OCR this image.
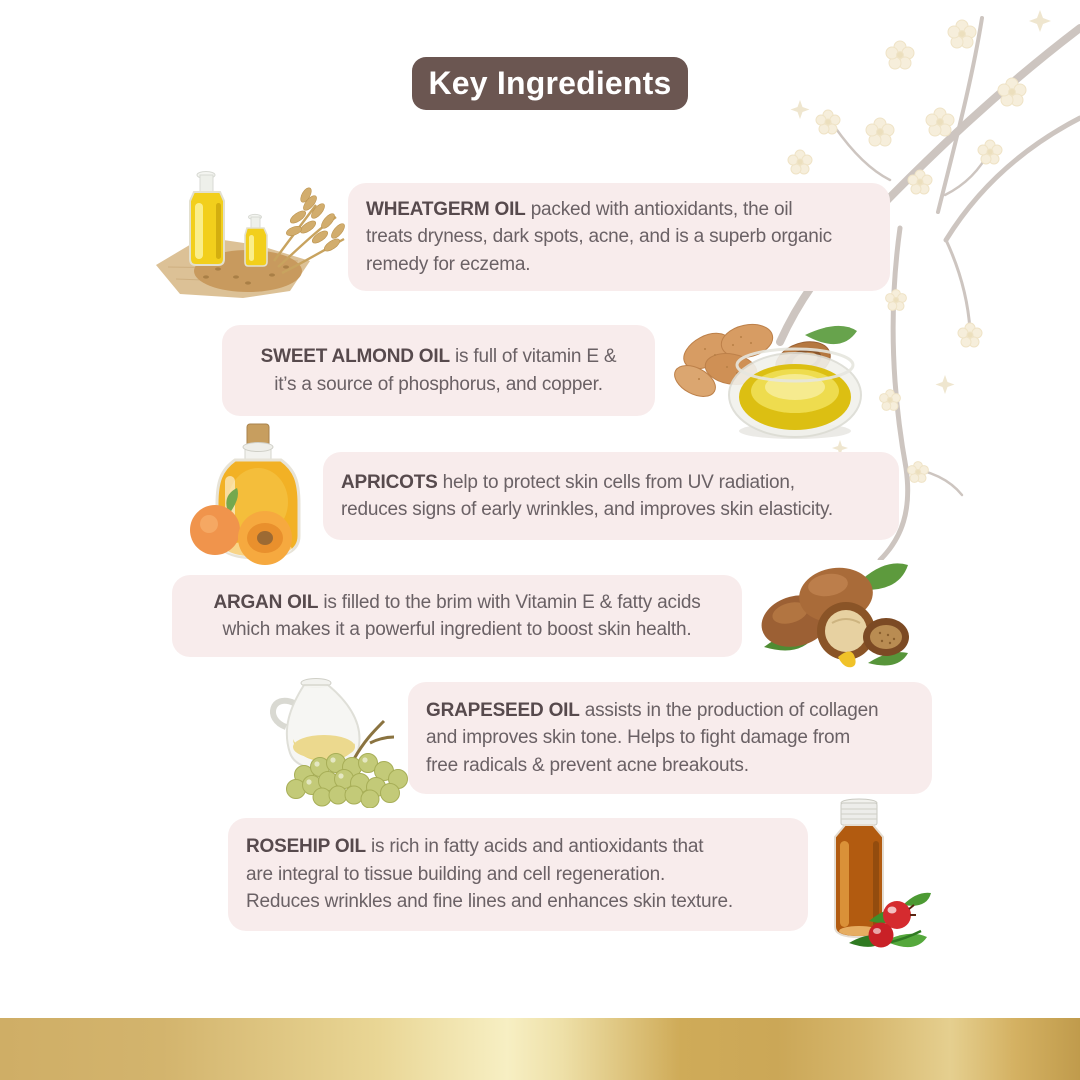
Key Ingredients

WHEATGERM OIL packed with antioxidants, the oil
treats dryness, dark spots, acne, and is a superb organic
remedy for eczema.

SWEET ALMOND OIL is full of vitamin E &
it’s a source of phosphorus, and copper.

APRICOTS help to protect skin cells from UV radiation,
reduces signs of early wrinkles, and improves skin elasticity.

ARGAN OIL is filled to the brim with Vitamin E & fatty acids
which makes it a powerful ingredient to boost skin health.

GRAPESEED OIL assists in the production of collagen
and improves skin tone. Helps to fight damage from
free radicals & prevent acne breakouts.

ROSEHIP OIL is rich in fatty acids and antioxidants that
are integral to tissue building and cell regeneration.
Reduces wrinkles and fine lines and enhances skin texture.
